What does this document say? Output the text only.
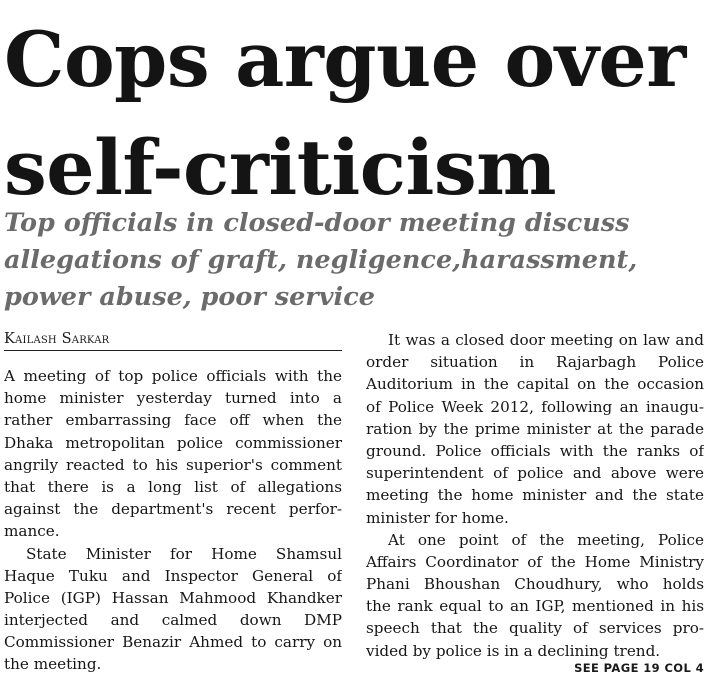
Cops argue over
self-criticism
Top officials in closed-door meeting discuss
allegations of graft, negligence,harassment,
power abuse, poor service
Kailash Sarkar
A meeting of top police officials with the
home minister yesterday turned into a
rather embarrassing face off when the
Dhaka metropolitan police commissioner
angrily reacted to his superior's comment
that there is a long list of allegations
against the department's recent perfor-
mance.
State Minister for Home Shamsul
Haque Tuku and Inspector General of
Police (IGP) Hassan Mahmood Khandker
interjected and calmed down DMP
Commissioner Benazir Ahmed to carry on
the meeting.
It was a closed door meeting on law and
order situation in Rajarbagh Police
Auditorium in the capital on the occasion
of Police Week 2012, following an inaugu-
ration by the prime minister at the parade
ground. Police officials with the ranks of
superintendent of police and above were
meeting the home minister and the state
minister for home.
At one point of the meeting, Police
Affairs Coordinator of the Home Ministry
Phani Bhoushan Choudhury, who holds
the rank equal to an IGP, mentioned in his
speech that the quality of services pro-
vided by police is in a declining trend.
SEE PAGE 19 COL 4
